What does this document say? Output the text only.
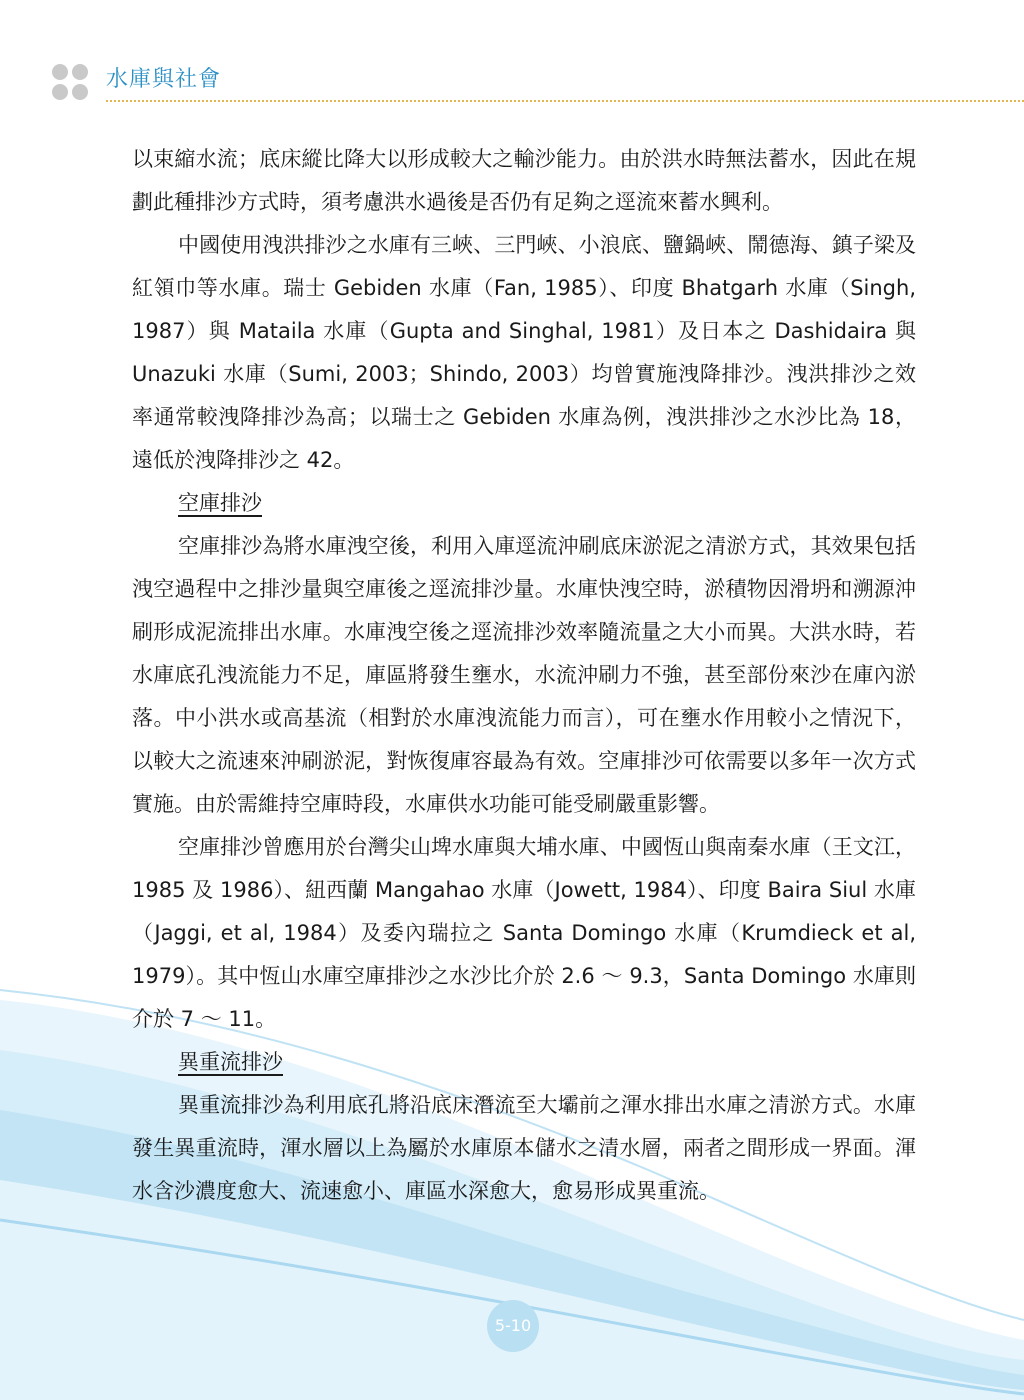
水庫與社會

以束縮水流；底床縱比降大以形成較大之輸沙能力。由於洪水時無法蓄水，因此在規劃此種排沙方式時，須考慮洪水過後是否仍有足夠之逕流來蓄水興利。

中國使用洩洪排沙之水庫有三峽、三門峽、小浪底、鹽鍋峽、鬧德海、鎮子梁及紅領巾等水庫。瑞士 Gebiden 水庫（Fan, 1985）、印度 Bhatgarh 水庫（Singh, 1987）與 Mataila 水庫（Gupta and Singhal, 1981）及日本之 Dashidaira 與 Unazuki 水庫（Sumi, 2003；Shindo, 2003）均曾實施洩降排沙。洩洪排沙之效率通常較洩降排沙為高；以瑞士之 Gebiden 水庫為例，洩洪排沙之水沙比為 18，遠低於洩降排沙之 42。

空庫排沙

空庫排沙為將水庫洩空後，利用入庫逕流沖刷底床淤泥之清淤方式，其效果包括洩空過程中之排沙量與空庫後之逕流排沙量。水庫快洩空時，淤積物因滑坍和溯源沖刷形成泥流排出水庫。水庫洩空後之逕流排沙效率隨流量之大小而異。大洪水時，若水庫底孔洩流能力不足，庫區將發生壅水，水流沖刷力不強，甚至部份來沙在庫內淤落。中小洪水或高基流（相對於水庫洩流能力而言），可在壅水作用較小之情況下，以較大之流速來沖刷淤泥，對恢復庫容最為有效。空庫排沙可依需要以多年一次方式實施。由於需維持空庫時段，水庫供水功能可能受刷嚴重影響。

空庫排沙曾應用於台灣尖山埤水庫與大埔水庫、中國恆山與南秦水庫（王文江，1985 及 1986）、紐西蘭 Mangahao 水庫（Jowett, 1984）、印度 Baira Siul 水庫（Jaggi, et al, 1984）及委內瑞拉之 Santa Domingo 水庫（Krumdieck et al, 1979）。其中恆山水庫空庫排沙之水沙比介於 2.6 ～ 9.3，Santa Domingo 水庫則介於 7 ～ 11。

異重流排沙

異重流排沙為利用底孔將沿底床潛流至大壩前之渾水排出水庫之清淤方式。水庫發生異重流時，渾水層以上為屬於水庫原本儲水之清水層，兩者之間形成一界面。渾水含沙濃度愈大、流速愈小、庫區水深愈大，愈易形成異重流。

5-10
